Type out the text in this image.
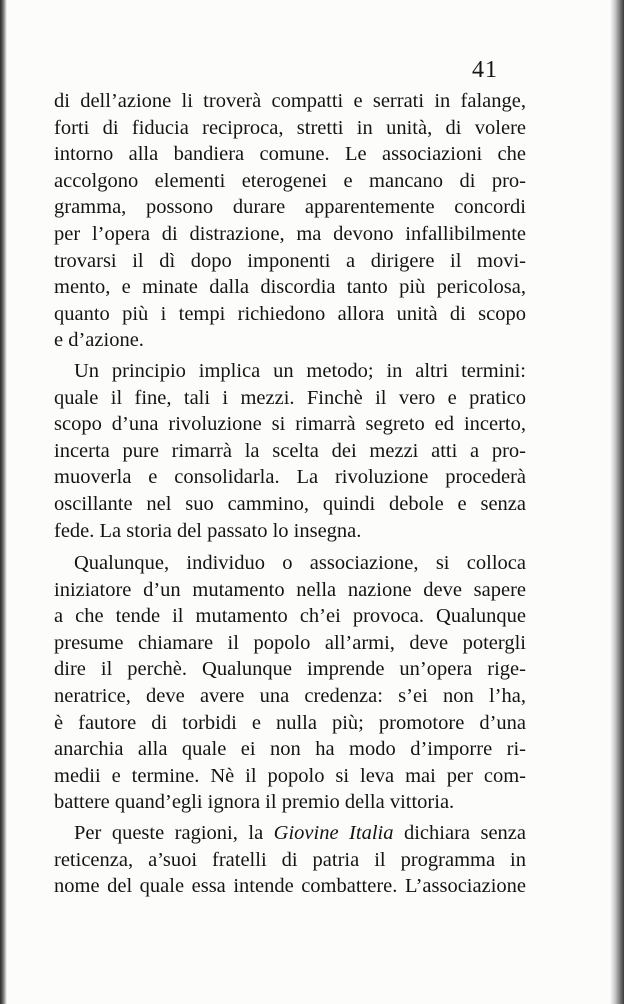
41
di dell’azione li troverà compatti e serrati in falange,
forti di fiducia reciproca, stretti in unità, di volere
intorno alla bandiera comune. Le associazioni che
accolgono elementi eterogenei e mancano di pro-
gramma, possono durare apparentemente concordi
per l’opera di distrazione, ma devono infallibilmente
trovarsi il dì dopo imponenti a dirigere il movi-
mento, e minate dalla discordia tanto più pericolosa,
quanto più i tempi richiedono allora unità di scopo
e d’azione.
Un principio implica un metodo; in altri termini:
quale il fine, tali i mezzi. Finchè il vero e pratico
scopo d’una rivoluzione si rimarrà segreto ed incerto,
incerta pure rimarrà la scelta dei mezzi atti a pro-
muoverla e consolidarla. La rivoluzione procederà
oscillante nel suo cammino, quindi debole e senza
fede. La storia del passato lo insegna.
Qualunque, individuo o associazione, si colloca
iniziatore d’un mutamento nella nazione deve sapere
a che tende il mutamento ch’ei provoca. Qualunque
presume chiamare il popolo all’armi, deve potergli
dire il perchè. Qualunque imprende un’opera rige-
neratrice, deve avere una credenza: s’ei non l’ha,
è fautore di torbidi e nulla più; promotore d’una
anarchia alla quale ei non ha modo d’imporre ri-
medii e termine. Nè il popolo si leva mai per com-
battere quand’egli ignora il premio della vittoria.
Per queste ragioni, la Giovine Italia dichiara senza
reticenza, a’suoi fratelli di patria il programma in
nome del quale essa intende combattere. L’associazione
